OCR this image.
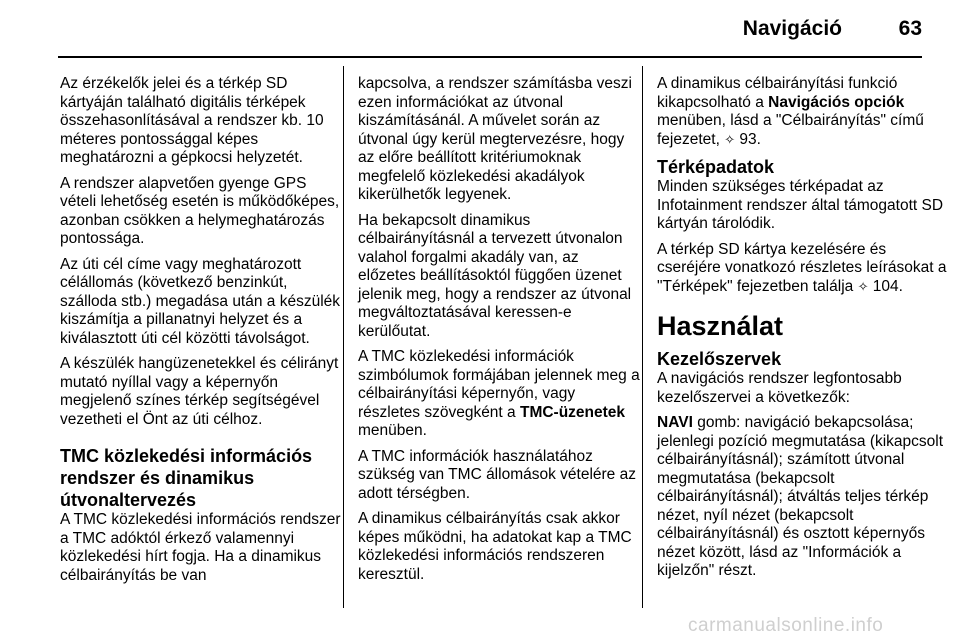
Navigáció	63

Az érzékelők jelei és a térkép SD kártyáján található digitális térképek összehasonlításával a rendszer kb. 10 méteres pontossággal képes meghatározni a gépkocsi helyzetét.

A rendszer alapvetően gyenge GPS vételi lehetőség esetén is működőképes, azonban csökken a helymeghatározás pontossága.

Az úti cél címe vagy meghatározott célállomás (következő benzinkút, szálloda stb.) megadása után a készülék kiszámítja a pillanatnyi helyzet és a kiválasztott úti cél közötti távolságot.

A készülék hangüzenetekkel és célirányt mutató nyíllal vagy a képernyőn megjelenő színes térkép segítségével vezetheti el Önt az úti célhoz.

TMC közlekedési információs rendszer és dinamikus útvonaltervezés

A TMC közlekedési információs rendszer a TMC adóktól érkező valamennyi közlekedési hírt fogja. Ha a dinamikus célbairányítás be van

kapcsolva, a rendszer számításba veszi ezen információkat az útvonal kiszámításánál. A művelet során az útvonal úgy kerül megtervezésre, hogy az előre beállított kritériumoknak megfelelő közlekedési akadályok kikerülhetők legyenek.

Ha bekapcsolt dinamikus célbairányításnál a tervezett útvonalon valahol forgalmi akadály van, az előzetes beállításoktól függően üzenet jelenik meg, hogy a rendszer az útvonal megváltoztatásával keressen-e kerülőutat.

A TMC közlekedési információk szimbólumok formájában jelennek meg a célbairányítási képernyőn, vagy részletes szövegként a TMC-üzenetek menüben.

A TMC információk használatához szükség van TMC állomások vételére az adott térségben.

A dinamikus célbairányítás csak akkor képes működni, ha adatokat kap a TMC közlekedési információs rendszeren keresztül.

A dinamikus célbairányítási funkció kikapcsolható a Navigációs opciók menüben, lásd a "Célbairányítás" című fejezetet, ✧ 93.

Térképadatok

Minden szükséges térképadat az Infotainment rendszer által támogatott SD kártyán tárolódik.

A térkép SD kártya kezelésére és cseréjére vonatkozó részletes leírásokat a "Térképek" fejezetben találja ✧ 104.

Használat
Kezelőszervek

A navigációs rendszer legfontosabb kezelőszervei a következők:

NAVI gomb: navigáció bekapcsolása; jelenlegi pozíció megmutatása (kikapcsolt célbairányításnál); számított útvonal megmutatása (bekapcsolt célbairányításnál); átváltás teljes térkép nézet, nyíl nézet (bekapcsolt célbairányításnál) és osztott képernyős nézet között, lásd az "Információk a kijelzőn" részt.

carmanualsonline.info
